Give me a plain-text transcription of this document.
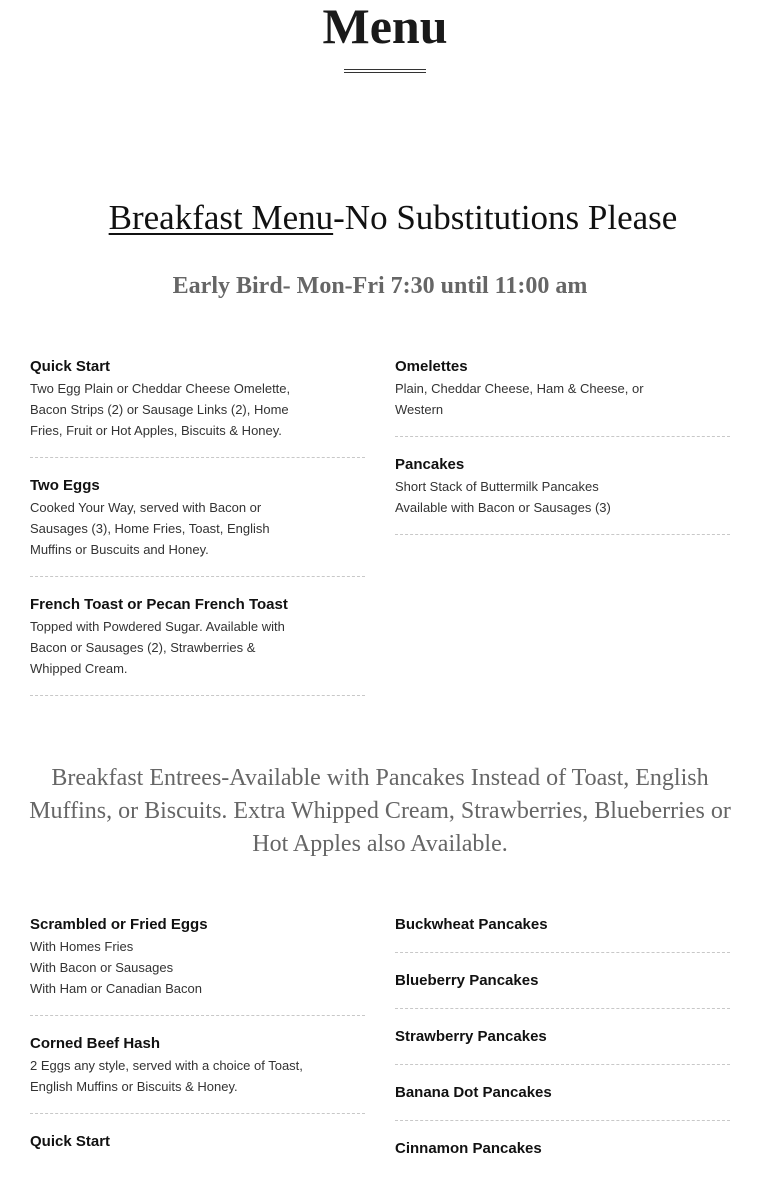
Menu
Breakfast Menu-No Substitutions Please
Early Bird- Mon-Fri 7:30 until 11:00 am

Quick Start

Two Egg Plain or Cheddar Cheese Omelette, Bacon Strips (2) or Sausage Links (2), Home Fries, Fruit or Hot Apples, Biscuits & Honey.

Two Eggs

Cooked Your Way, served with Bacon or Sausages (3), Home Fries, Toast, English Muffins or Buscuits and Honey.

French Toast or Pecan French Toast

Topped with Powdered Sugar. Available with Bacon or Sausages (2), Strawberries & Whipped Cream.

Omelettes

Plain, Cheddar Cheese, Ham & Cheese, or Western

Pancakes

Short Stack of Buttermilk Pancakes
Available with Bacon or Sausages (3)

Breakfast Entrees-Available with Pancakes Instead of Toast, English Muffins, or Biscuits. Extra Whipped Cream, Strawberries, Blueberries or Hot Apples also Available.

Scrambled or Fried Eggs

With Homes Fries
With Bacon or Sausages
With Ham or Canadian Bacon

Corned Beef Hash

2 Eggs any style, served with a choice of Toast, English Muffins or Biscuits & Honey.

Quick Start

Buckwheat Pancakes

Blueberry Pancakes

Strawberry Pancakes

Banana Dot Pancakes

Cinnamon Pancakes
